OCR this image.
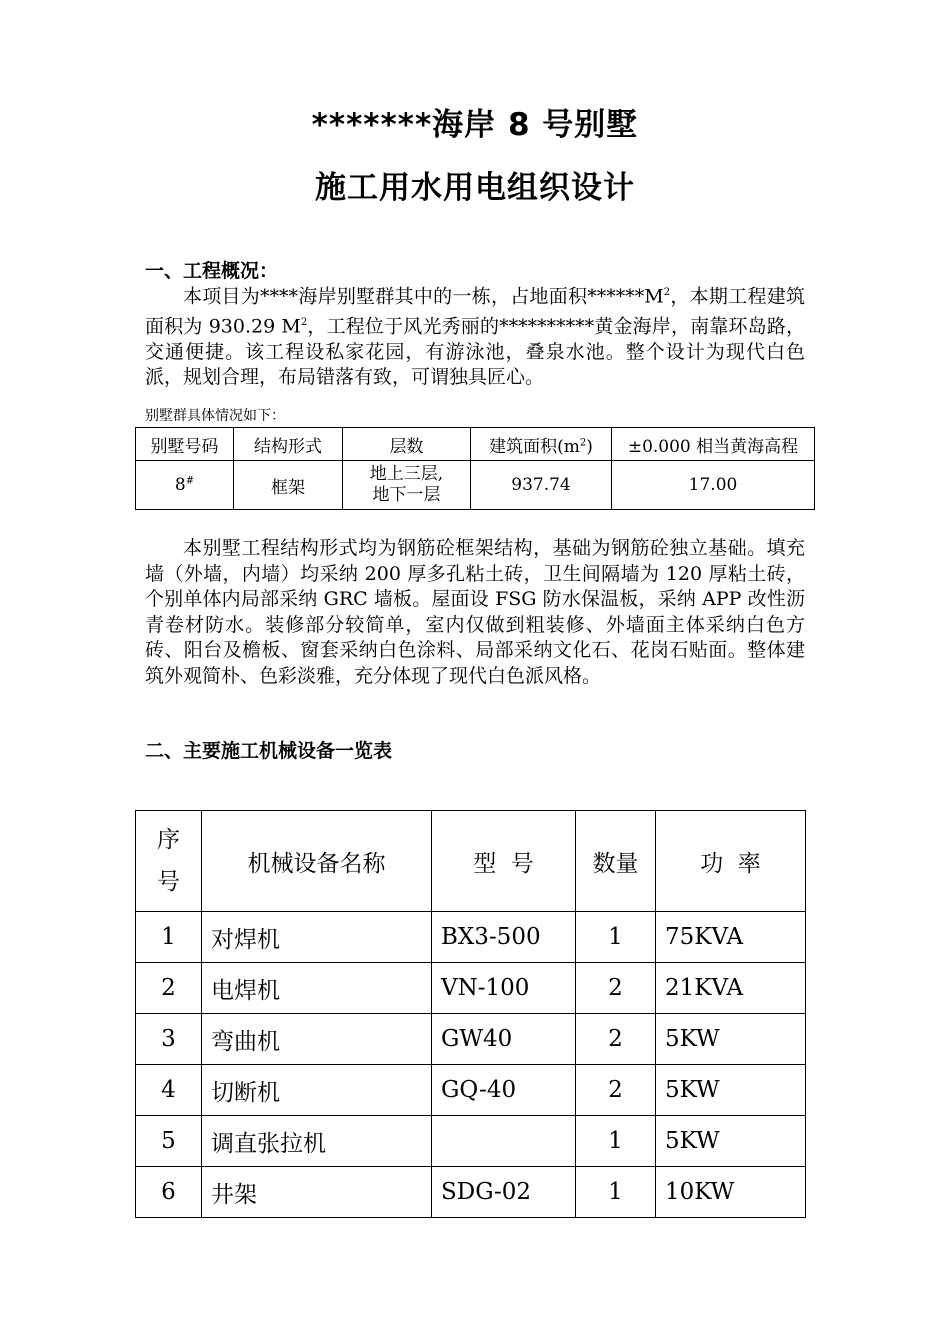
*******海岸 8 号别墅
施工用水用电组织设计
一、工程概况：

本项目为****海岸别墅群其中的一栋，占地面积$******M^2$，本期工程建筑面积为 930.29 $M^2$，工程位于风光秀丽的**********黄金海岸，南靠环岛路，交通便捷。该工程设私家花园，有游泳池，叠泉水池。整个设计为现代白色派，规划合理，布局错落有致，可谓独具匠心。

别墅群具体情况如下：
别墅号码	结构形式	层数	建筑面积$(m^2)$	±0.000 相当黄海高程
8#	框架	地上三层,
地下一层	937.74	17.00

本别墅工程结构形式均为钢筋砼框架结构，基础为钢筋砼独立基础。填充墙（外墙，内墙）均采纳 200 厚多孔粘土砖，卫生间隔墙为 120 厚粘土砖，个别单体内局部采纳 GRC 墙板。屋面设 FSG 防水保温板，采纳 APP 改性沥青卷材防水。装修部分较简单，室内仅做到粗装修、外墙面主体采纳白色方砖、阳台及檐板、窗套采纳白色涂料、局部采纳文化石、花岗石贴面。整体建筑外观简朴、色彩淡雅，充分体现了现代白色派风格。

二、主要施工机械设备一览表
序
号	机械设备名称	型  号	数量	功  率
1	对焊机	BX3-500	1	75KVA
2	电焊机	VN-100	2	21KVA
3	弯曲机	GW40	2	5KW
4	切断机	GQ-40	2	5KW
5	调直张拉机		1	5KW
6	井架	SDG-02	1	10KW
